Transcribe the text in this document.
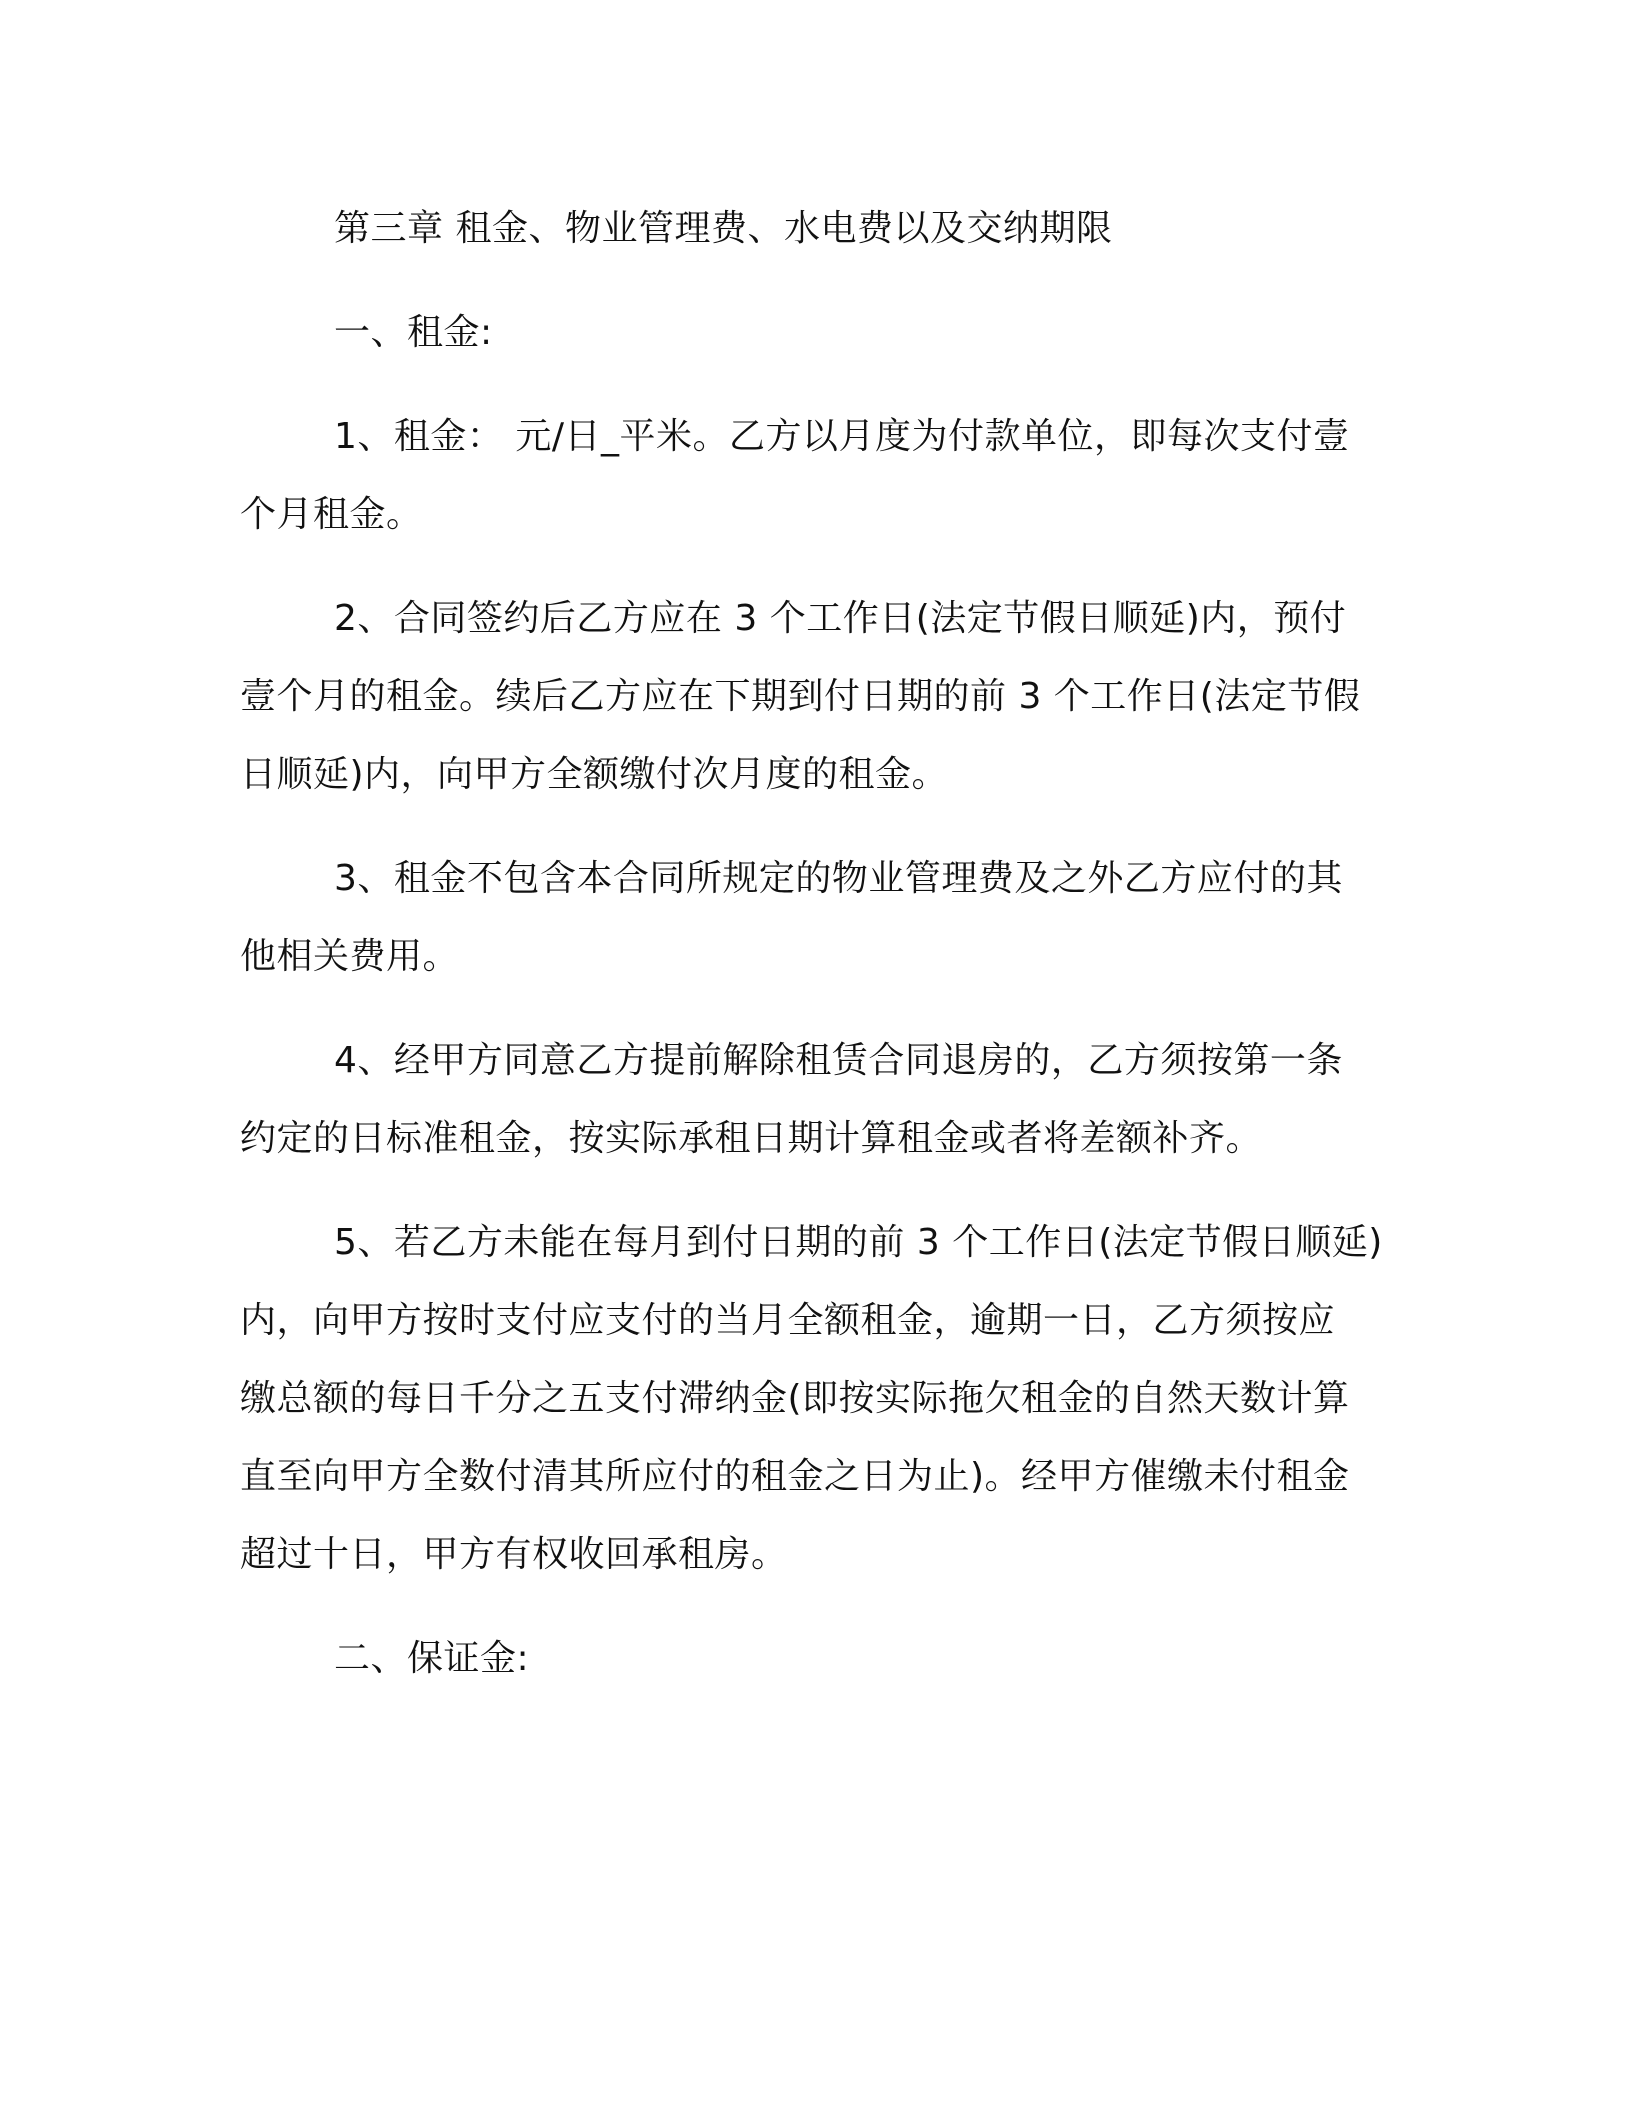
第三章 租金、物业管理费、水电费以及交纳期限
一、租金:
1、租金： 元/日_平米。乙方以月度为付款单位，即每次支付壹
个月租金。
2、合同签约后乙方应在 3 个工作日(法定节假日顺延)内，预付
壹个月的租金。续后乙方应在下期到付日期的前 3 个工作日(法定节假
日顺延)内，向甲方全额缴付次月度的租金。
3、租金不包含本合同所规定的物业管理费及之外乙方应付的其
他相关费用。
4、经甲方同意乙方提前解除租赁合同退房的，乙方须按第一条
约定的日标准租金，按实际承租日期计算租金或者将差额补齐。
5、若乙方未能在每月到付日期的前 3 个工作日(法定节假日顺延)
内，向甲方按时支付应支付的当月全额租金，逾期一日，乙方须按应
缴总额的每日千分之五支付滞纳金(即按实际拖欠租金的自然天数计算
直至向甲方全数付清其所应付的租金之日为止)。经甲方催缴未付租金
超过十日，甲方有权收回承租房。
二、保证金:
